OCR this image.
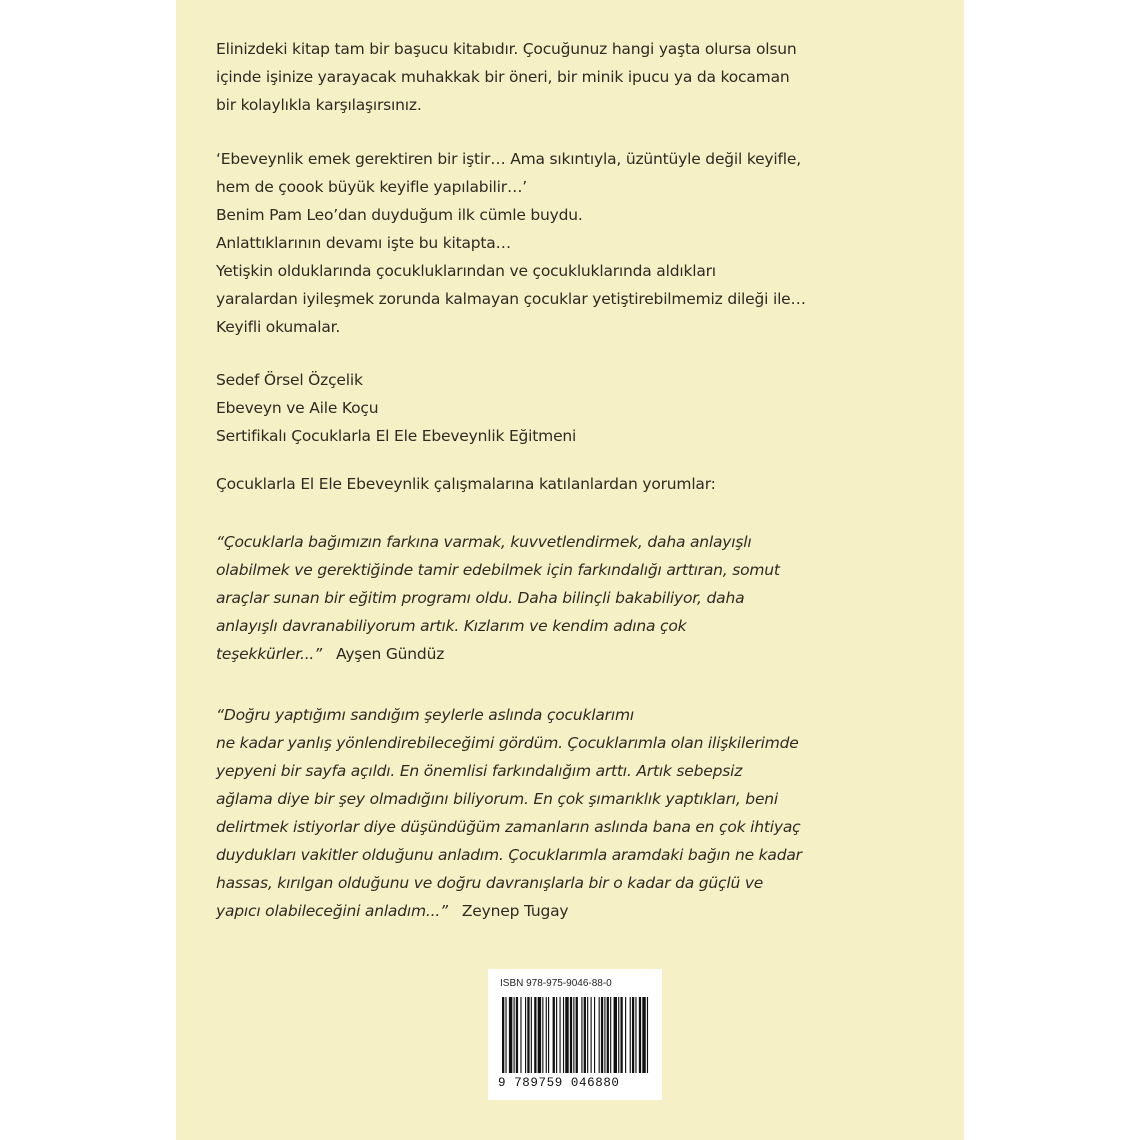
Elinizdeki kitap tam bir başucu kitabıdır. Çocuğunuz hangi yaşta olursa olsun
içinde işinize yarayacak muhakkak bir öneri, bir minik ipucu ya da kocaman
bir kolaylıkla karşılaşırsınız.
‘Ebeveynlik emek gerektiren bir iştir… Ama sıkıntıyla, üzüntüyle değil keyifle,
hem de çoook büyük keyifle yapılabilir…’
Benim Pam Leo’dan duyduğum ilk cümle buydu.
Anlattıklarının devamı işte bu kitapta…
Yetişkin olduklarında çocukluklarından ve çocukluklarında aldıkları
yaralardan iyileşmek zorunda kalmayan çocuklar yetiştirebilmemiz dileği ile…
Keyifli okumalar.
Sedef Örsel Özçelik
Ebeveyn ve Aile Koçu
Sertifikalı Çocuklarla El Ele Ebeveynlik Eğitmeni
Çocuklarla El Ele Ebeveynlik çalışmalarına katılanlardan yorumlar:
“Çocuklarla bağımızın farkına varmak, kuvvetlendirmek, daha anlayışlı
olabilmek ve gerektiğinde tamir edebilmek için farkındalığı arttıran, somut
araçlar sunan bir eğitim programı oldu. Daha bilinçli bakabiliyor, daha
anlayışlı davranabiliyorum artık. Kızlarım ve kendim adına çok
teşekkürler...” Ayşen Gündüz
“Doğru yaptığımı sandığım şeylerle aslında çocuklarımı
ne kadar yanlış yönlendirebileceğimi gördüm. Çocuklarımla olan ilişkilerimde
yepyeni bir sayfa açıldı. En önemlisi farkındalığım arttı. Artık sebepsiz
ağlama diye bir şey olmadığını biliyorum. En çok şımarıklık yaptıkları, beni
delirtmek istiyorlar diye düşündüğüm zamanların aslında bana en çok ihtiyaç
duydukları vakitler olduğunu anladım. Çocuklarımla aramdaki bağın ne kadar
hassas, kırılgan olduğunu ve doğru davranışlarla bir o kadar da güçlü ve
yapıcı olabileceğini anladım...” Zeynep Tugay
ISBN 978-975-9046-88-0
9 789759 046880
